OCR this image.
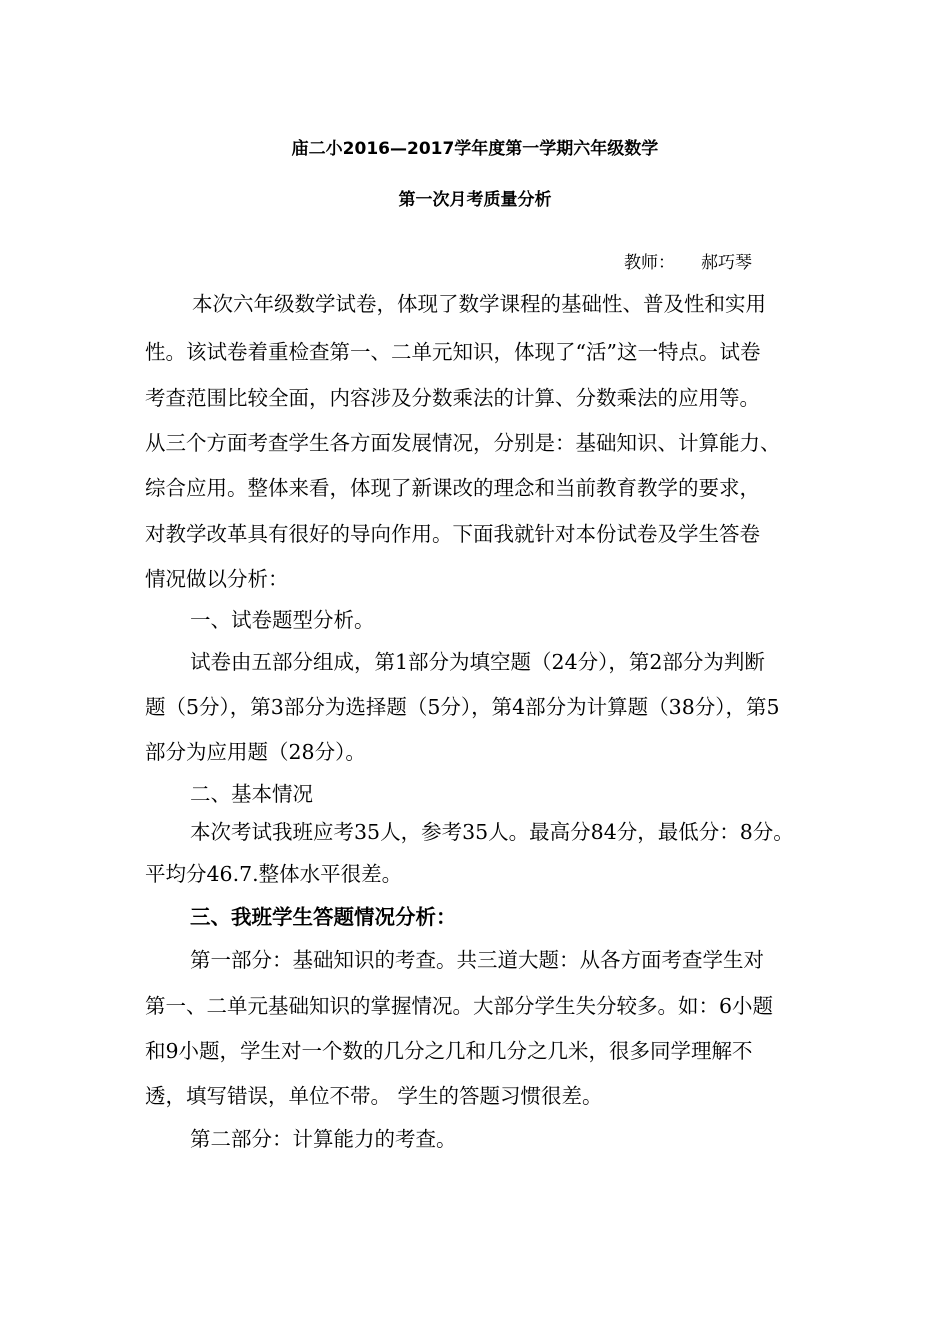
庙二小2016—2017学年度第一学期六年级数学
第一次月考质量分析
教师： 郝巧琴
本次六年级数学试卷，体现了数学课程的基础性、普及性和实用
性。该试卷着重检查第一、二单元知识，体现了“活”这一特点。试卷
考查范围比较全面，内容涉及分数乘法的计算、分数乘法的应用等。
从三个方面考查学生各方面发展情况，分别是：基础知识、计算能力、
综合应用。整体来看，体现了新课改的理念和当前教育教学的要求，
对教学改革具有很好的导向作用。下面我就针对本份试卷及学生答卷
情况做以分析：
一、试卷题型分析。
试卷由五部分组成，第1部分为填空题（24分），第2部分为判断
题（5分），第3部分为选择题（5分），第4部分为计算题（38分），第5
部分为应用题（28分）。
二、基本情况
本次考试我班应考35人，参考35人。最高分84分，最低分：8分。
平均分46.7.整体水平很差。
三、我班学生答题情况分析：
第一部分：基础知识的考查。共三道大题：从各方面考查学生对
第一、二单元基础知识的掌握情况。大部分学生失分较多。如：6小题
和9小题，学生对一个数的几分之几和几分之几米，很多同学理解不
透，填写错误，单位不带。 学生的答题习惯很差。
第二部分：计算能力的考查。
